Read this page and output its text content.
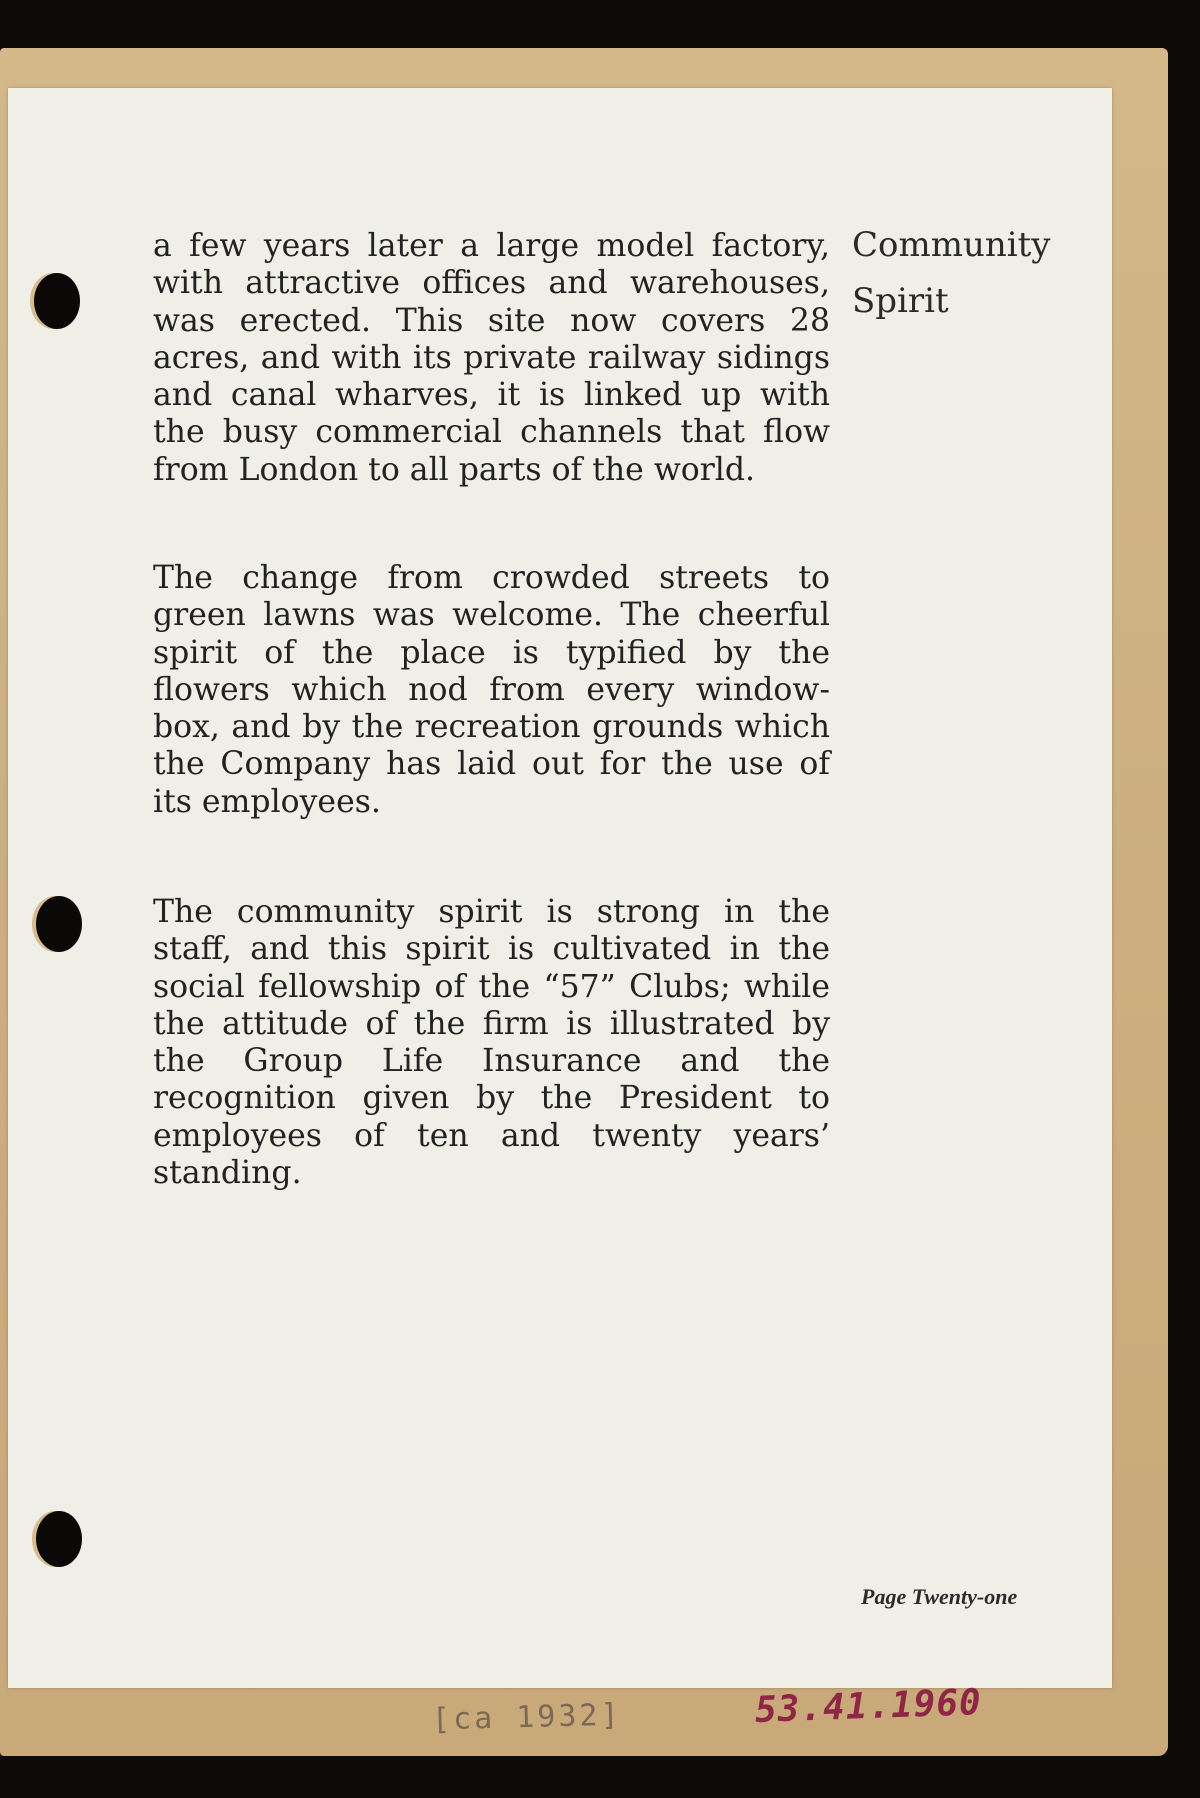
a few years later a large model factory, with attractive offices and warehouses, was erected. This site now covers 28 acres, and with its private railway sidings and canal wharves, it is linked up with the busy commercial channels that flow from London to all parts of the world.

The change from crowded streets to green lawns was welcome. The cheerful spirit of the place is typified by the flowers which nod from every window-box, and by the recreation grounds which the Company has laid out for the use of its employees.

The community spirit is strong in the staff, and this spirit is cultivated in the social fellowship of the “57” Clubs; while the attitude of the firm is illustrated by the Group Life Insurance and the recognition given by the President to employees of ten and twenty years’ standing.

Page Twenty-one
Community
Spirit
[ca 1932]	53.41.1960
